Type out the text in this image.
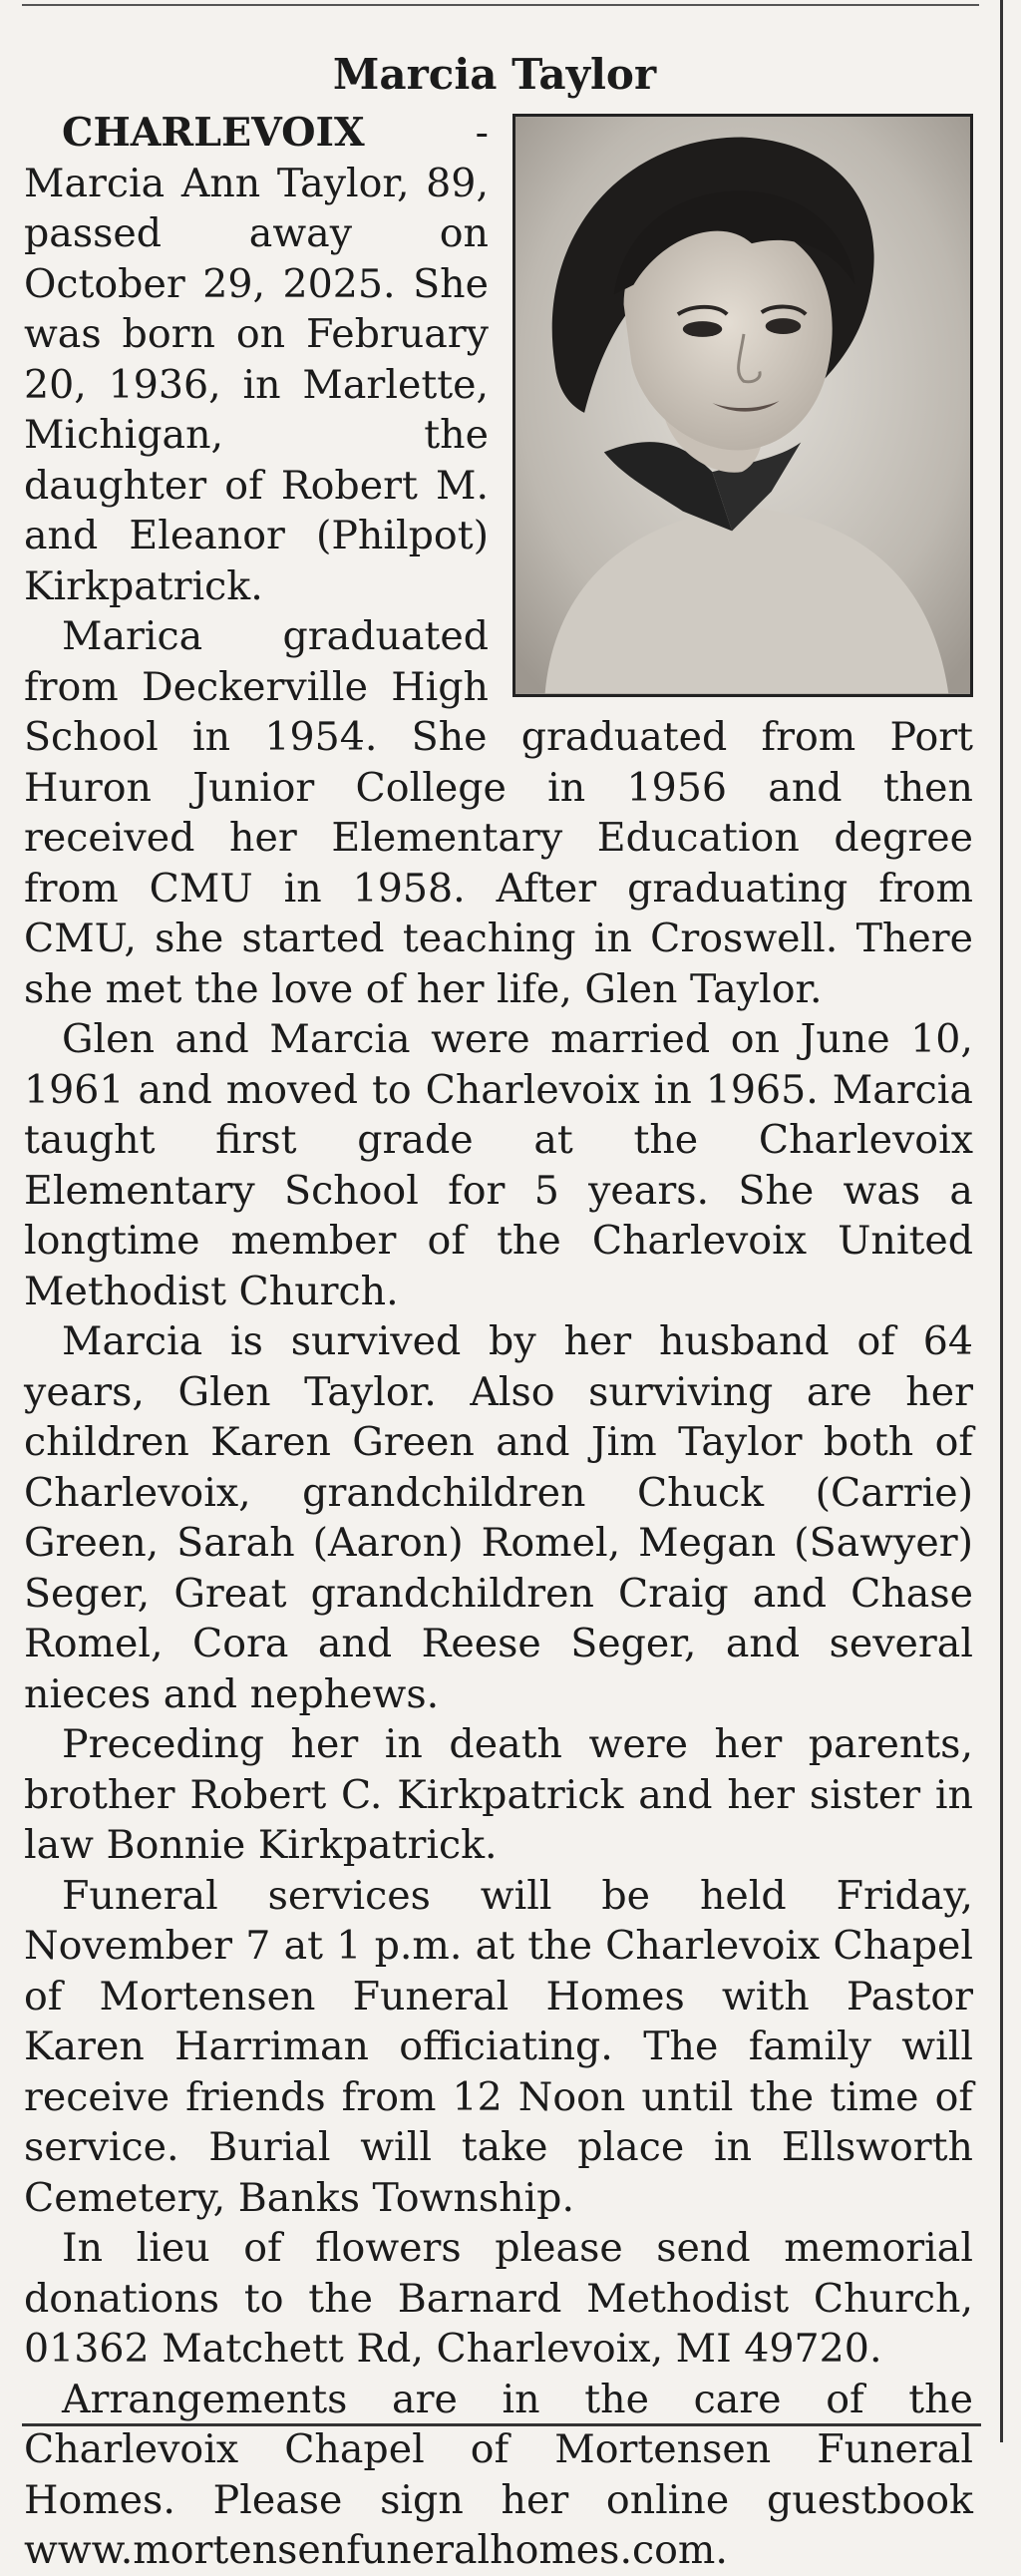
Marcia Taylor

CHARLEVOIX - Marcia Ann Taylor, 89, passed away on October 29, 2025. She was born on February 20, 1936, in Marlette, Michigan, the daughter of Robert M. and Eleanor (Philpot) Kirkpatrick.

Marica graduated from Deckerville High School in 1954. She graduated from Port Huron Junior College in 1956 and then received her Elementary Education degree from CMU in 1958. After graduating from CMU, she started teaching in Croswell. There she met the love of her life, Glen Taylor.

Glen and Marcia were married on June 10, 1961 and moved to Charlevoix in 1965. Marcia taught first grade at the Charlevoix Elementary School for 5 years. She was a longtime member of the Charlevoix United Methodist Church.

Marcia is survived by her husband of 64 years, Glen Taylor. Also surviving are her children Karen Green and Jim Taylor both of Charlevoix, grandchildren Chuck (Carrie) Green, Sarah (Aaron) Romel, Megan (Sawyer) Seger, Great grandchildren Craig and Chase Romel, Cora and Reese Seger, and several nieces and nephews.

Preceding her in death were her parents, brother Robert C. Kirkpatrick and her sister in law Bonnie Kirkpatrick.

Funeral services will be held Friday, November 7 at 1 p.m. at the Charlevoix Chapel of Mortensen Funeral Homes with Pastor Karen Harriman officiating. The family will receive friends from 12 Noon until the time of service. Burial will take place in Ellsworth Cemetery, Banks Township.

In lieu of flowers please send memorial donations to the Barnard Methodist Church, 01362 Matchett Rd, Charlevoix, MI 49720.

Arrangements are in the care of the Charlevoix Chapel of Mortensen Funeral Homes. Please sign her online guestbook www.mortensenfuneralhomes.com.
